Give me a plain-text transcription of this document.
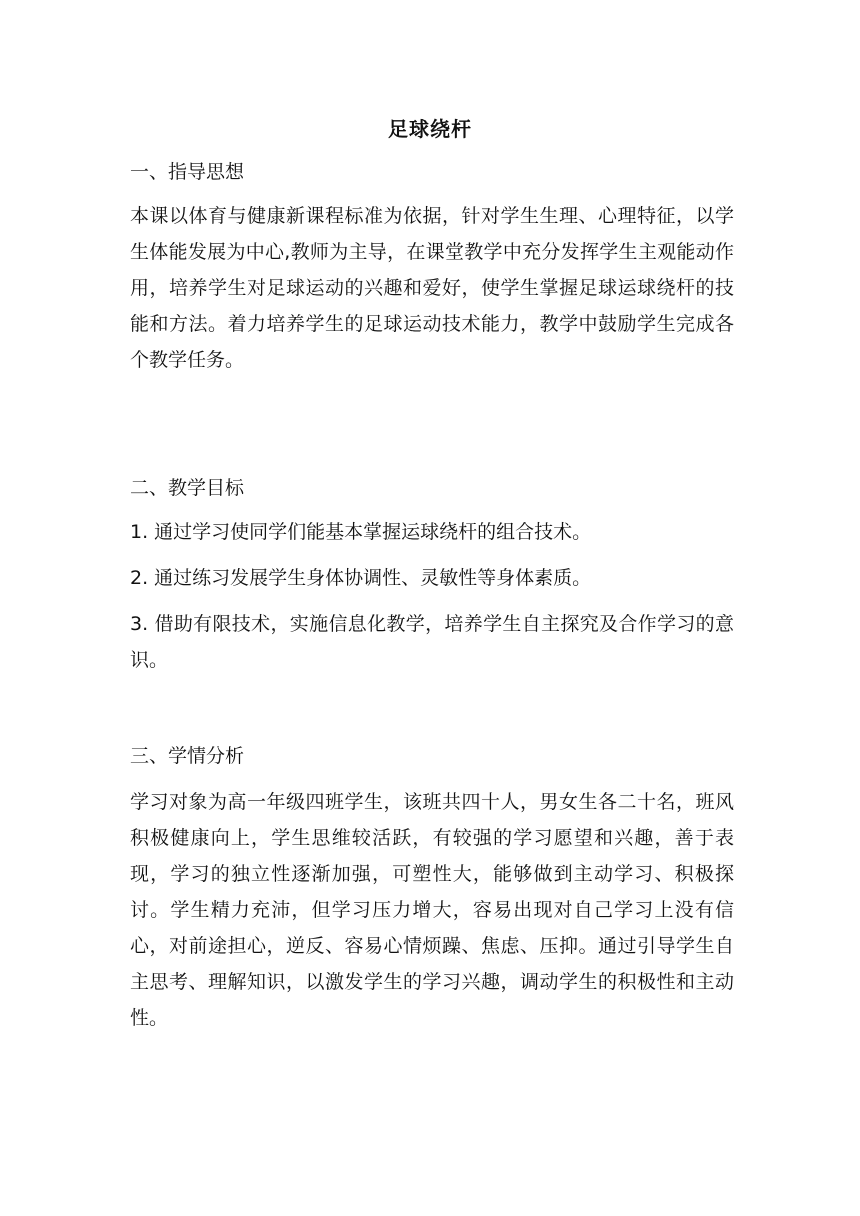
足球绕杆
一、指导思想
本课以体育与健康新课程标准为依据，针对学生生理、心理特征，以学生体能发展为中心,教师为主导，在课堂教学中充分发挥学生主观能动作用，培养学生对足球运动的兴趣和爱好，使学生掌握足球运球绕杆的技能和方法。着力培养学生的足球运动技术能力，教学中鼓励学生完成各个教学任务。
二、教学目标
1. 通过学习使同学们能基本掌握运球绕杆的组合技术。
2. 通过练习发展学生身体协调性、灵敏性等身体素质。
3. 借助有限技术，实施信息化教学，培养学生自主探究及合作学习的意识。
三、学情分析
学习对象为高一年级四班学生，该班共四十人，男女生各二十名，班风积极健康向上，学生思维较活跃，有较强的学习愿望和兴趣，善于表现，学习的独立性逐渐加强，可塑性大，能够做到主动学习、积极探讨。学生精力充沛，但学习压力增大，容易出现对自己学习上没有信心，对前途担心，逆反、容易心情烦躁、焦虑、压抑。通过引导学生自主思考、理解知识，以激发学生的学习兴趣，调动学生的积极性和主动性。
